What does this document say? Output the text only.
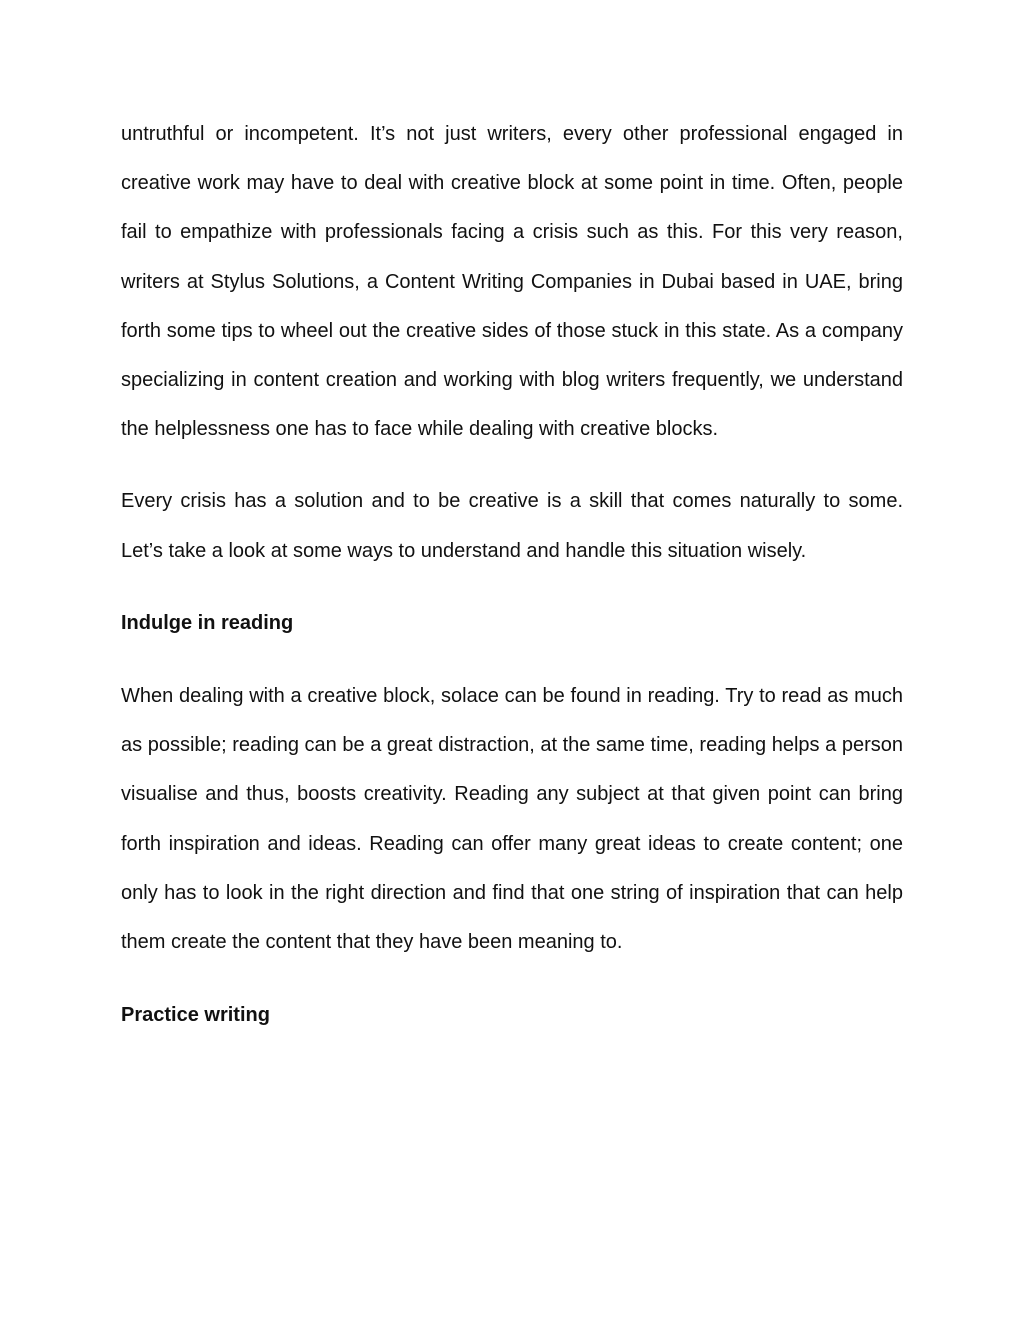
untruthful or incompetent. It’s not just writers, every other professional engaged in creative work may have to deal with creative block at some point in time. Often, people fail to empathize with professionals facing a crisis such as this. For this very reason, writers at Stylus Solutions, a Content Writing Companies in Dubai based in UAE, bring forth some tips to wheel out the creative sides of those stuck in this state. As a company specializing in content creation and working with blog writers frequently, we understand the helplessness one has to face while dealing with creative blocks.

Every crisis has a solution and to be creative is a skill that comes naturally to some. Let’s take a look at some ways to understand and handle this situation wisely.

Indulge in reading

When dealing with a creative block, solace can be found in reading. Try to read as much as possible; reading can be a great distraction, at the same time, reading helps a person visualise and thus, boosts creativity. Reading any subject at that given point can bring forth inspiration and ideas. Reading can offer many great ideas to create content; one only has to look in the right direction and find that one string of inspiration that can help them create the content that they have been meaning to.

Practice writing
